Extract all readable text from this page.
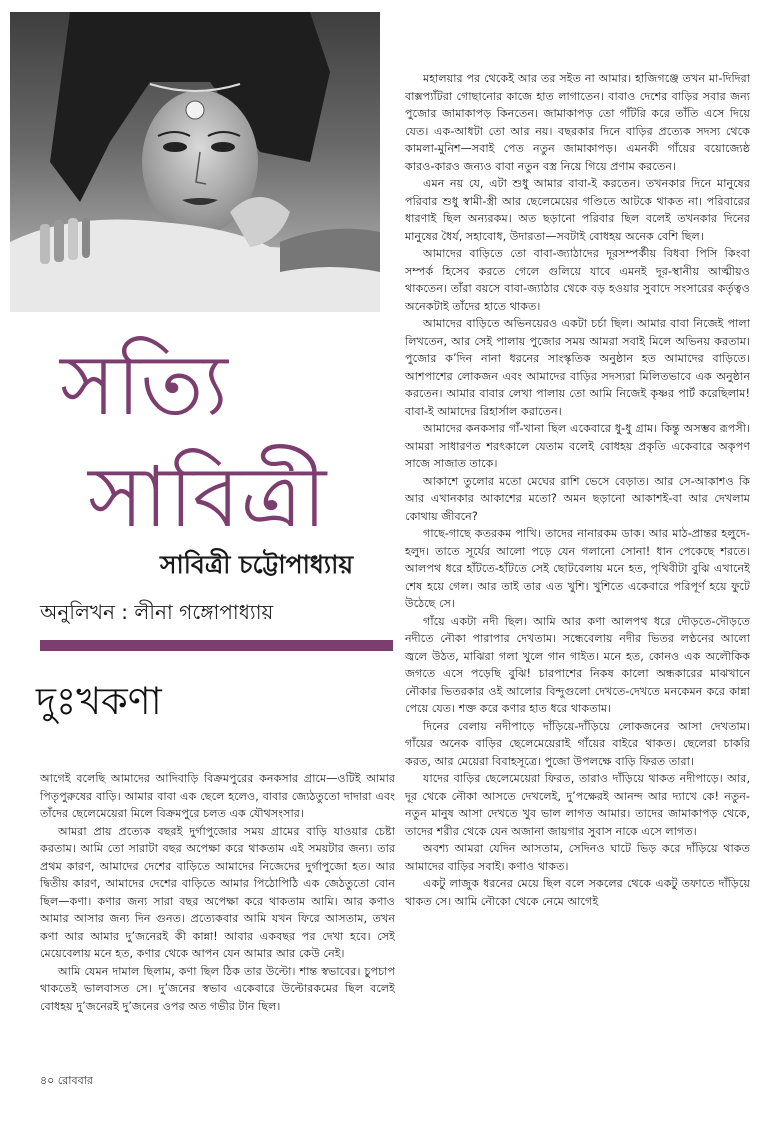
সত্যি
সাবিত্রী
সাবিত্রী চট্টোপাধ্যায়
অনুলিখন : লীনা গঙ্গোপাধ্যায়
দুঃখকণা

আগেই বলেছি আমাদের আদিবাড়ি বিক্রমপুরের কনকসার গ্রামে—ওটিই আমার পিতৃপুরুষের বাড়ি। আমার বাবা এক ছেলে হলেও, বাবার জ্যেঠতুতো দাদারা এবং তাঁদের ছেলেমেয়েরা মিলে বিক্রমপুরে চলত এক যৌথসংসার।

আমরা প্রায় প্রত্যেক বছরই দুর্গাপুজোর সময় গ্রামের বাড়ি যাওয়ার চেষ্টা করতাম। আমি তো সারাটা বছর অপেক্ষা করে থাকতাম এই সময়টার জন্য। তার প্রথম কারণ, আমাদের দেশের বাড়িতে আমাদের নিজেদের দুর্গাপুজো হত। আর দ্বিতীয় কারণ, আমাদের দেশের বাড়িতে আমার পিঠোপিঠি এক জেঠতুতো বোন ছিল—কণা। কণার জন্য সারা বছর অপেক্ষা করে থাকতাম আমি। আর কণাও আমার আসার জন্য দিন গুনত। প্রত্যেকবার আমি যখন ফিরে আসতাম, তখন কণা আর আমার দু’জনেরই কী কান্না! আবার একবছর পর দেখা হবে। সেই মেয়েবেলায় মনে হত, কণার থেকে আপন যেন আমার আর কেউ নেই।

আমি যেমন দামাল ছিলাম, কণা ছিল ঠিক তার উল্টো। শান্ত স্বভাবের। চুপচাপ থাকতেই ভালবাসত সে। দু’জনের স্বভাব একেবারে উল্টোরকমের ছিল বলেই বোধহয় দু’জনেরই দু’জনের ওপর অত গভীর টান ছিল।

মহালয়ার পর থেকেই আর তর সইত না আমার। হাজিগঞ্জে তখন মা-দিদিরা বাক্সপ্যাঁটরা গোছানোর কাজে হাত লাগাতেন। বাবাও দেশের বাড়ির সবার জন্য পুজোর জামাকাপড় কিনতেন। জামাকাপড় তো গাঁটরি করে তাঁতি এসে দিয়ে যেত। এক-আধটা তো আর নয়। বছরকার দিনে বাড়ির প্রত্যেক সদস্য থেকে কামলা-মুনিশ—সবাই পেত নতুন জামাকাপড়। এমনকী গাঁয়ের বয়োজ্যেষ্ঠ কারও-কারও জন্যও বাবা নতুন বস্ত্র নিয়ে গিয়ে প্রণাম করতেন।

এমন নয় যে, এটা শুধু আমার বাবা-ই করতেন। তখনকার দিনে মানুষের পরিবার শুধু স্বামী-স্ত্রী আর ছেলেমেয়ের গণ্ডিতে আটকে থাকত না। পরিবারের ধারণাই ছিল অন্যরকম। অত ছড়ানো পরিবার ছিল বলেই তখনকার দিনের মানুষের ধৈর্য, সহাবোধ, উদারতা—সবটাই বোধহয় অনেক বেশি ছিল।

আমাদের বাড়িতে তো বাবা-জ্যাঠাদের দূরসম্পর্কীয় বিধবা পিসি কিংবা সম্পর্ক হিসেব করতে গেলে গুলিয়ে যাবে এমনই দূর-স্থানীয় আত্মীয়ও থাকতেন। তাঁরা বয়সে বাবা-জ্যাঠার থেকে বড় হওয়ার সুবাদে সংসারের কর্তৃত্বও অনেকটাই তাঁদের হাতে থাকত।

আমাদের বাড়িতে অভিনয়েরও একটা চর্চা ছিল। আমার বাবা নিজেই পালা লিখতেন, আর সেই পালায় পুজোর সময় আমরা সবাই মিলে অভিনয় করতাম। পুজোর ক’দিন নানা ধরনের সাংস্কৃতিক অনুষ্ঠান হত আমাদের বাড়িতে। আশপাশের লোকজন এবং আমাদের বাড়ির সদস্যরা মিলিতভাবে এক অনুষ্ঠান করতেন। আমার বাবার লেখা পালায় তো আমি নিজেই কৃষ্ণর পার্ট করেছিলাম! বাবা-ই আমাদের রিহার্সাল করাতেন।

আমাদের কনকসার গাঁ-খানা ছিল একেবারে ধু-ধু গ্রাম। কিন্তু অসম্ভব রূপসী। আমরা সাধারণত শরৎকালে যেতাম বলেই বোধহয় প্রকৃতি একেবারে অকৃপণ সাজে সাজাত তাকে।

আকাশে তুলোর মতো মেঘের রাশি ভেসে বেড়াত। আর সে-আকাশও কি আর এখানকার আকাশের মতো? অমন ছড়ানো আকাশই-বা আর দেখলাম কোথায় জীবনে?

গাছে-গাছে কতরকম পাখি। তাদের নানারকম ডাক। আর মাঠ-প্রান্তর হলুদে-হলুদ। তাতে সূর্যের আলো পড়ে যেন গলানো সোনা! ধান পেকেছে শরতে। আলপথ ধরে হাঁটতে-হাঁটতে সেই ছোটবেলায় মনে হত, পৃথিবীটা বুঝি এখানেই শেষ হয়ে গেল। আর তাই তার এত খুশি। খুশিতে একেবারে পরিপূর্ণ হয়ে ফুটে উঠেছে সে।

গাঁয়ে একটা নদী ছিল। আমি আর কণা আলপথ ধরে দৌড়তে-দৌড়তে নদীতে নৌকা পারাপার দেখতাম। সন্ধেবেলায় নদীর ভিতর লণ্ঠনের আলো জ্বলে উঠত, মাঝিরা গলা খুলে গান গাইত। মনে হত, কোনও এক অলৌকিক জগতে এসে পড়েছি বুঝি! চারপাশের নিকষ কালো অন্ধকারের মাঝখানে নৌকার ভিতরকার ওই আলোর বিন্দুগুলো দেখতে-দেখতে মনকেমন করে কান্না পেয়ে যেত। শক্ত করে কণার হাত ধরে থাকতাম।

দিনের বেলায় নদীপাড়ে দাঁড়িয়ে-দাঁড়িয়ে লোকজনের আসা দেখতাম। গাঁয়ের অনেক বাড়ির ছেলেমেয়েরাই গাঁয়ের বাইরে থাকত। ছেলেরা চাকরি করত, আর মেয়েরা বিবাহসূত্রে। পুজো উপলক্ষে বাড়ি ফিরত তারা।

যাদের বাড়ির ছেলেমেয়েরা ফিরত, তারাও দাঁড়িয়ে থাকত নদীপাড়ে। আর, দূর থেকে নৌকা আসতে দেখলেই, দু’পক্ষেরই আনন্দ আর দ্যাখে কে! নতুন-নতুন মানুষ আসা দেখতে খুব ভাল লাগত আমার। তাদের জামাকাপড় থেকে, তাদের শরীর থেকে যেন অজানা জায়গার সুবাস নাকে এসে লাগত।

অবশ্য আমরা যেদিন আসতাম, সেদিনও ঘাটে ভিড় করে দাঁড়িয়ে থাকত আমাদের বাড়ির সবাই। কণাও থাকত।

একটু লাজুক ধরনের মেয়ে ছিল বলে সকলের থেকে একটু তফাতে দাঁড়িয়ে থাকত সে। আমি নৌকো থেকে নেমে আগেই

৪০ রোববার
